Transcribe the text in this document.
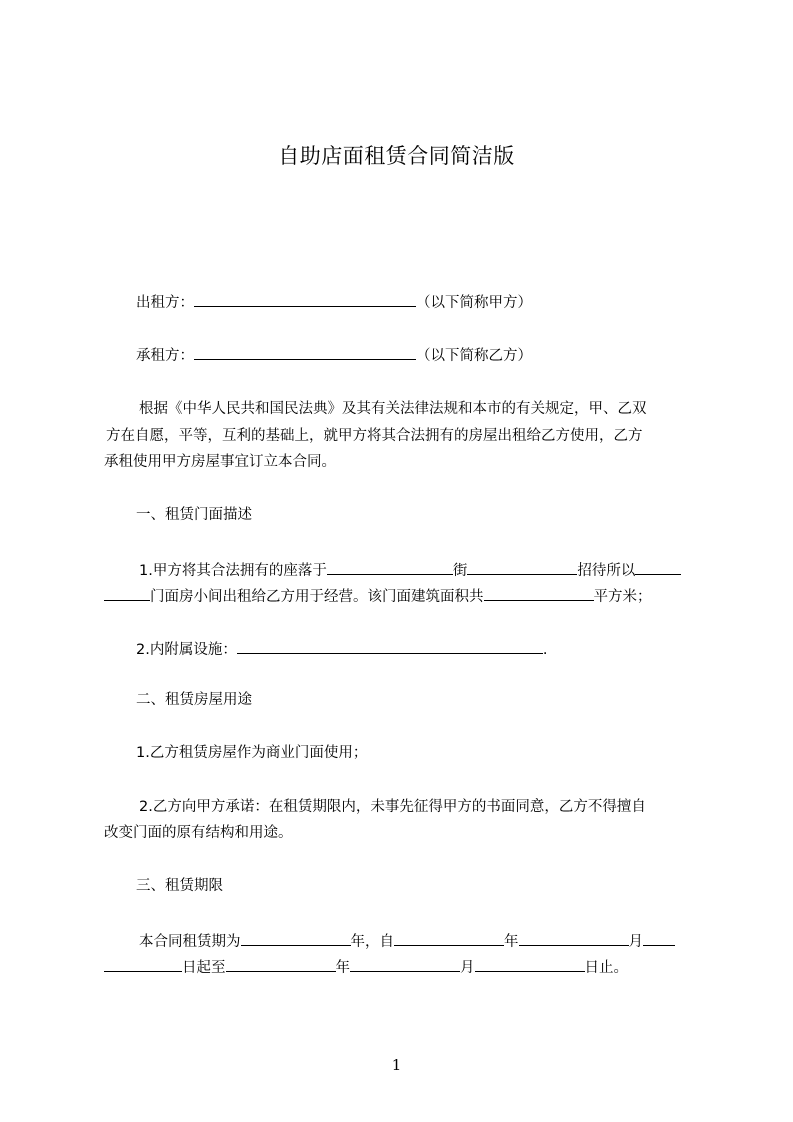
自助店面租赁合同简洁版
出租方：	（以下简称甲方）
承租方：	（以下简称乙方）
根据《中华人民共和国民法典》及其有关法律法规和本市的有关规定，甲、乙双
方在自愿，平等，互利的基础上，就甲方将其合法拥有的房屋出租给乙方使用，乙方
承租使用甲方房屋事宜订立本合同。
一、租赁门面描述
1.甲方将其合法拥有的座落于	街	招待所以
门面房小间出租给乙方用于经营。该门面建筑面积共	平方米；
2.内附属设施：	.
二、租赁房屋用途
1.乙方租赁房屋作为商业门面使用；
2.乙方向甲方承诺：在租赁期限内，未事先征得甲方的书面同意，乙方不得擅自
改变门面的原有结构和用途。
三、租赁期限
本合同租赁期为	年，自	年	月
日起至	年	月	日止。
1
